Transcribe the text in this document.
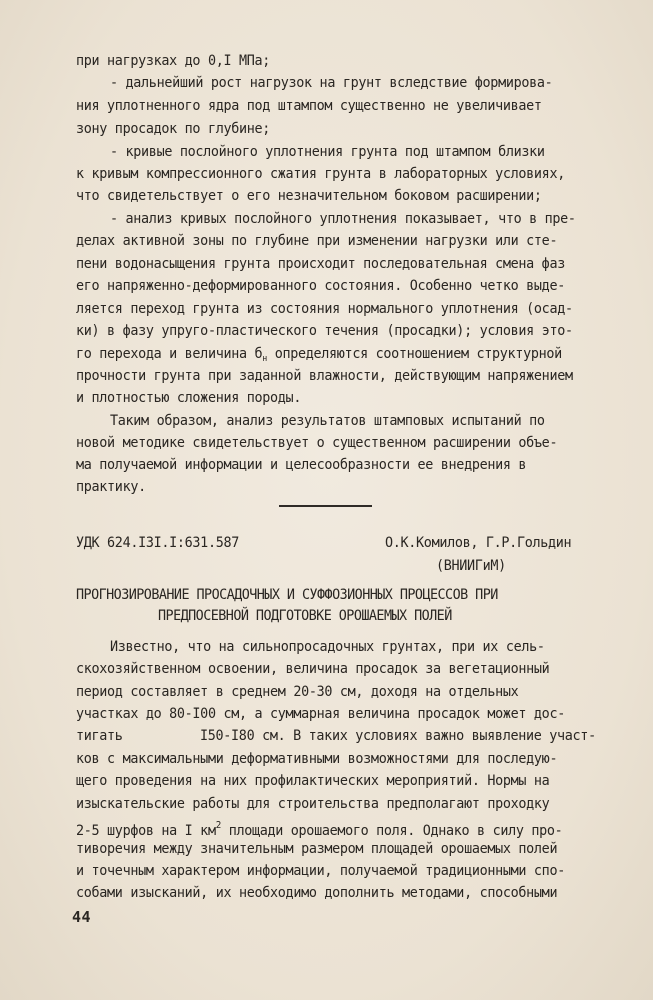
при нагрузках до 0,I МПа;
- дальнейший рост нагрузок на грунт вследствие формирова-
ния уплотненного ядра под штампом существенно не увеличивает
зону просадок по глубине;
- кривые послойного уплотнения грунта под штампом близки
к кривым компрессионного сжатия грунта в лабораторных условиях,
что свидетельствует о его незначительном боковом расширении;
- анализ кривых послойного уплотнения показывает, что в пре-
делах активной зоны по глубине при изменении нагрузки или сте-
пени водонасыщения грунта происходит последовательная смена фаз
его напряженно-деформированного состояния. Особенно четко выде-
ляется переход грунта из состояния нормального уплотнения (осад-
ки) в фазу упруго-пластического течения (просадки); условия это-
го перехода и величина $б_н$ определяются соотношением структурной
прочности грунта при заданной влажности, действующим напряжением
и плотностью сложения породы.
Таким образом, анализ результатов штамповых испытаний по
новой методике свидетельствует о существенном расширении объе-
ма получаемой информации и целесообразности ее внедрения в
практику.
УДК 624.I3I.I:631.587	О.К.Комилов, Г.Р.Гольдин
(ВНИИГиМ)
ПРОГНОЗИРОВАНИЕ ПРОСАДОЧНЫХ И СУФФОЗИОННЫХ ПРОЦЕССОВ ПРИ
ПРЕДПОСЕВНОЙ ПОДГОТОВКЕ ОРОШАЕМЫХ ПОЛЕЙ
Известно, что на сильнопросадочных грунтах, при их сель-
скохозяйственном освоении, величина просадок за вегетационный
период составляет в среднем 20-30 см, доходя на отдельных
участках до 80-I00 см, а суммарная величина просадок может дос-
тигать	I50-I80 см. В таких условиях важно выявление участ-
ков с максимальными деформативными возможностями для последую-
щего проведения на них профилактических мероприятий. Нормы на
изыскательские работы для строительства предполагают проходку
2-5 шурфов на I $км^2$ площади орошаемого поля. Однако в силу про-
тиворечия между значительным размером площадей орошаемых полей
и точечным характером информации, получаемой традиционными спо-
собами изысканий, их необходимо дополнить методами, способными
44
